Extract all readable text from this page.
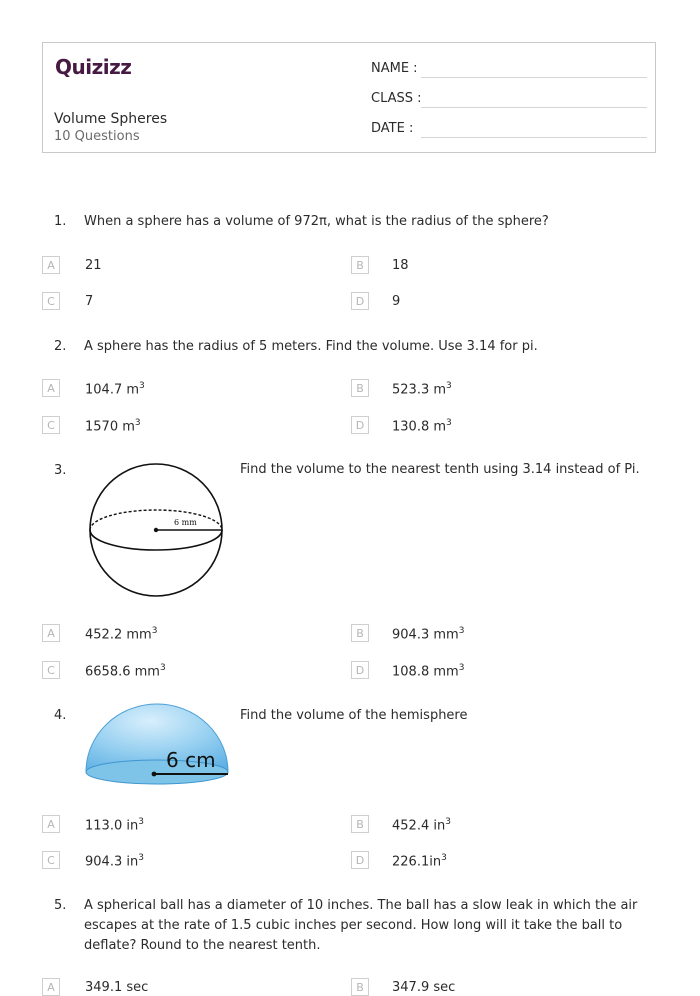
Quizizz
Volume Spheres
10 Questions
NAME :
CLASS :
DATE :
1. When a sphere has a volume of 972π, what is the radius of the sphere?
A	21	B	18
C	7	D	9
2. A sphere has the radius of 5 meters. Find the volume. Use 3.14 for pi.
A	104.7 $m^3$	B	523.3 $m^3$
C	1570 $m^3$	D	130.8 $m^3$
3.
6 mm
Find the volume to the nearest tenth using 3.14 instead of Pi.
A	452.2 $mm^3$	B	904.3 $mm^3$
C	6658.6 $mm^3$	D	108.8 $mm^3$
4.
6 cm
Find the volume of the hemisphere
A	113.0 $in^3$	B	452.4 $in^3$
C	904.3 $in^3$	D	$226.1in^3$
5. A spherical ball has a diameter of 10 inches. The ball has a slow leak in which the air
escapes at the rate of 1.5 cubic inches per second. How long will it take the ball to
deflate? Round to the nearest tenth.
A	349.1 sec	B	347.9 sec
